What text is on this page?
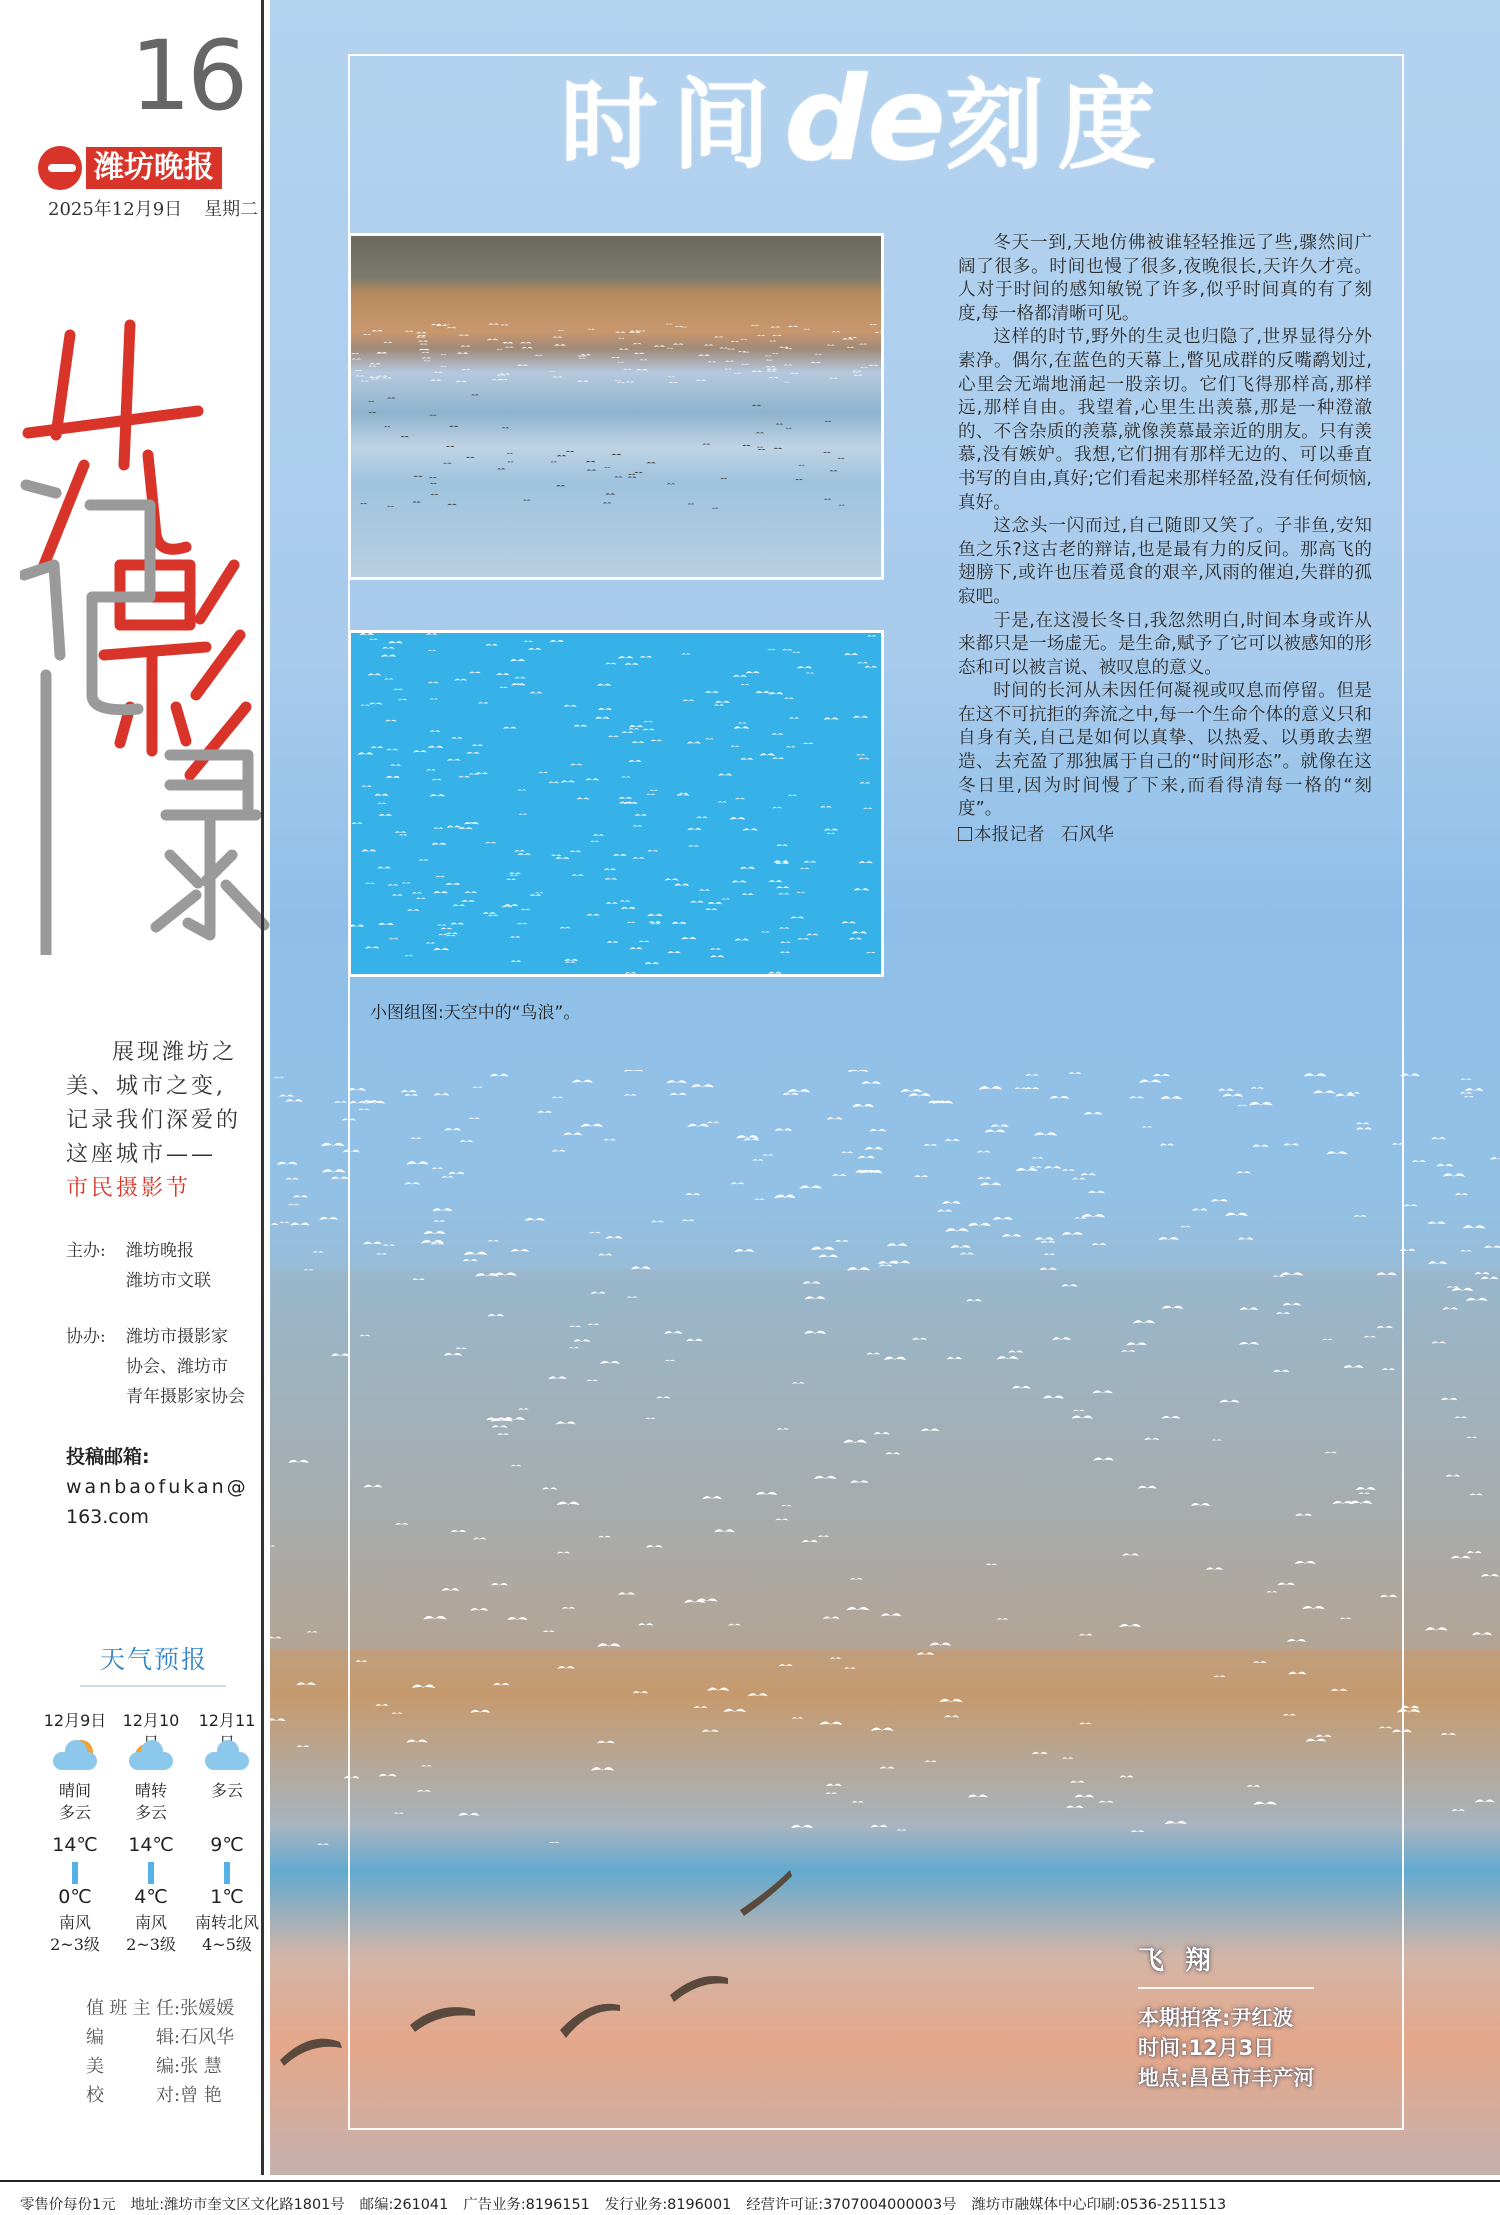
16
潍坊晚报
2025年12月9日 星期二
展现潍坊之
美、城市之变,
记录我们深爱的
这座城市——
市民摄影节
主办: 潍坊晚报
潍坊市文联
协办: 潍坊市摄影家
协会、潍坊市
青年摄影家协会
投稿邮箱:
wanbaofukan@
163.com
天气预报
12月9日
晴间
多云
14℃
0℃
南风
2~3级
12月10
晴转
多云
14℃
4℃
南风
2~3级
12月11
多云
9℃
1℃
南转北风
4~5级
值班主任:张媛媛
编辑:石风华
美编:张 慧
校对:曾 艳
时间de刻度
小图组图:天空中的“鸟浪”。

冬天一到,天地仿佛被谁轻轻推远了些,骤然间广阔了很多。时间也慢了很多,夜晚很长,天许久才亮。人对于时间的感知敏锐了许多,似乎时间真的有了刻度,每一格都清晰可见。

这样的时节,野外的生灵也归隐了,世界显得分外素净。偶尔,在蓝色的天幕上,瞥见成群的反嘴鹬划过,心里会无端地涌起一股亲切。它们飞得那样高,那样远,那样自由。我望着,心里生出羡慕,那是一种澄澈的、不含杂质的羡慕,就像羡慕最亲近的朋友。只有羡慕,没有嫉妒。我想,它们拥有那样无边的、可以垂直书写的自由,真好;它们看起来那样轻盈,没有任何烦恼,真好。

这念头一闪而过,自己随即又笑了。子非鱼,安知鱼之乐?这古老的辩诘,也是最有力的反问。那高飞的翅膀下,或许也压着觅食的艰辛,风雨的催迫,失群的孤寂吧。

于是,在这漫长冬日,我忽然明白,时间本身或许从来都只是一场虚无。是生命,赋予了它可以被感知的形态和可以被言说、被叹息的意义。

时间的长河从未因任何凝视或叹息而停留。但是在这不可抗拒的奔流之中,每一个生命个体的意义只和自身有关,自己是如何以真挚、以热爱、以勇敢去塑造、去充盈了那独属于自己的“时间形态”。就像在这冬日里,因为时间慢了下来,而看得清每一格的“刻度”。

本报记者 石风华
飞 翔
本期拍客:尹红波
时间:12月3日
地点:昌邑市丰产河
零售价每份1元 地址:潍坊市奎文区文化路1801号 邮编:261041 广告业务:8196151 发行业务:8196001 经营许可证:3707004000003号 潍坊市融媒体中心印刷:0536-2511513
